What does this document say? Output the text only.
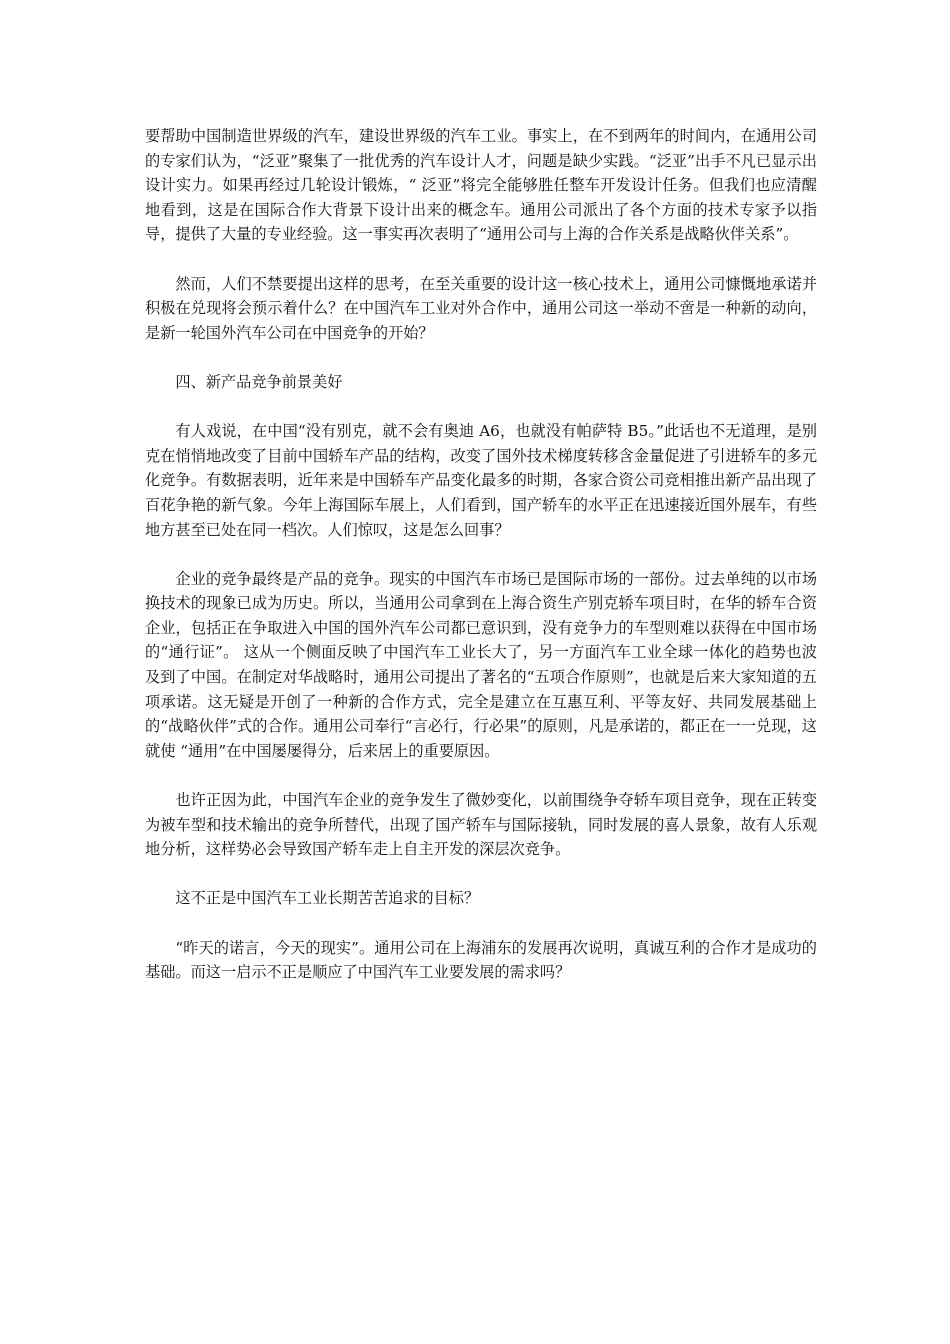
要帮助中国制造世界级的汽车，建设世界级的汽车工业。事实上，在不到两年的时间内，在通用公司的专家们认为，“泛亚”聚集了一批优秀的汽车设计人才，问题是缺少实践。“泛亚”出手不凡已显示出设计实力。如果再经过几轮设计锻炼，“ 泛亚”将完全能够胜任整车开发设计任务。但我们也应清醒地看到，这是在国际合作大背景下设计出来的概念车。通用公司派出了各个方面的技术专家予以指导，提供了大量的专业经验。这一事实再次表明了“通用公司与上海的合作关系是战略伙伴关系”。

然而，人们不禁要提出这样的思考，在至关重要的设计这一核心技术上，通用公司慷慨地承诺并积极在兑现将会预示着什么？在中国汽车工业对外合作中，通用公司这一举动不啻是一种新的动向，是新一轮国外汽车公司在中国竞争的开始？

四、新产品竞争前景美好

有人戏说，在中国“没有别克，就不会有奥迪 A6，也就没有帕萨特 B5。”此话也不无道理，是别克在悄悄地改变了目前中国轿车产品的结构，改变了国外技术梯度转移含金量促进了引进轿车的多元化竞争。有数据表明，近年来是中国轿车产品变化最多的时期，各家合资公司竞相推出新产品出现了百花争艳的新气象。今年上海国际车展上，人们看到，国产轿车的水平正在迅速接近国外展车，有些地方甚至已处在同一档次。人们惊叹，这是怎么回事？

企业的竞争最终是产品的竞争。现实的中国汽车市场已是国际市场的一部份。过去单纯的以市场换技术的现象已成为历史。所以，当通用公司拿到在上海合资生产别克轿车项目时，在华的轿车合资企业，包括正在争取进入中国的国外汽车公司都已意识到，没有竞争力的车型则难以获得在中国市场的“通行证”。 这从一个侧面反映了中国汽车工业长大了，另一方面汽车工业全球一体化的趋势也波及到了中国。在制定对华战略时，通用公司提出了著名的“五项合作原则”，也就是后来大家知道的五项承诺。这无疑是开创了一种新的合作方式，完全是建立在互惠互利、平等友好、共同发展基础上的“战略伙伴”式的合作。通用公司奉行“言必行，行必果”的原则，凡是承诺的，都正在一一兑现，这就使 “通用”在中国屡屡得分，后来居上的重要原因。

也许正因为此，中国汽车企业的竞争发生了微妙变化，以前围绕争夺轿车项目竞争，现在正转变为被车型和技术输出的竞争所替代，出现了国产轿车与国际接轨，同时发展的喜人景象，故有人乐观地分析，这样势必会导致国产轿车走上自主开发的深层次竞争。

这不正是中国汽车工业长期苦苦追求的目标？

“昨天的诺言，今天的现实”。通用公司在上海浦东的发展再次说明，真诚互利的合作才是成功的基础。而这一启示不正是顺应了中国汽车工业要发展的需求吗？
